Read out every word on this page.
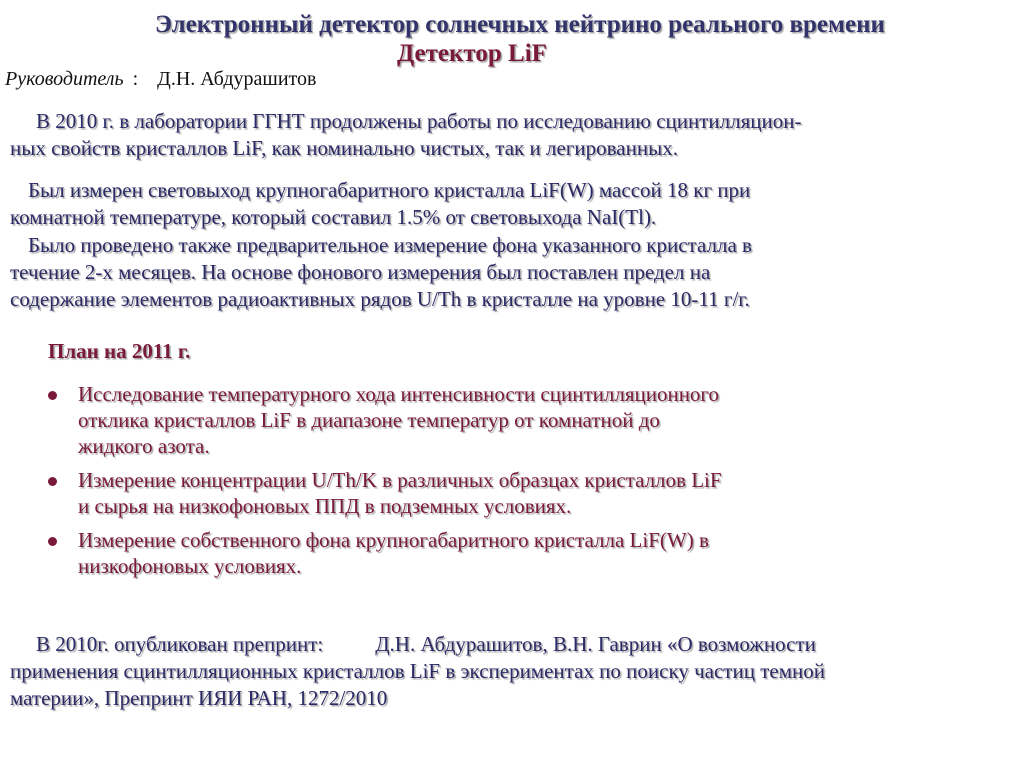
Электронный детектор солнечных нейтрино реального времени
Детектор LiF
Руководитель : Д.Н. Абдурашитов
В 2010 г. в лаборатории ГГНТ продолжены работы по исследованию сцинтилляцион-
ных свойств кристаллов LiF, как номинально чистых, так и легированных.
Был измерен световыход крупногабаритного кристалла LiF(W) массой 18 кг при
комнатной температуре, который составил 1.5% от световыхода NaI(Tl).
Было проведено также предварительное измерение фона указанного кристалла в
течение 2-х месяцев. На основе фонового измерения был поставлен предел на
содержание элементов радиоактивных рядов U/Th в кристалле на уровне 10-11 г/г.
План на 2011 г.
Исследование температурного хода интенсивности сцинтилляционного
отклика кристаллов LiF в диапазоне температур от комнатной до
жидкого азота.
Измерение концентрации U/Th/K в различных образцах кристаллов LiF
и сырья на низкофоновых ППД в подземных условиях.
Измерение собственного фона крупногабаритного кристалла LiF(W) в
низкофоновых условиях.
В 2010г. опубликован препринт: Д.Н. Абдурашитов, В.Н. Гаврин «О возможности
применения сцинтилляционных кристаллов LiF в экспериментах по поиску частиц темной
материи», Препринт ИЯИ РАН, 1272/2010
